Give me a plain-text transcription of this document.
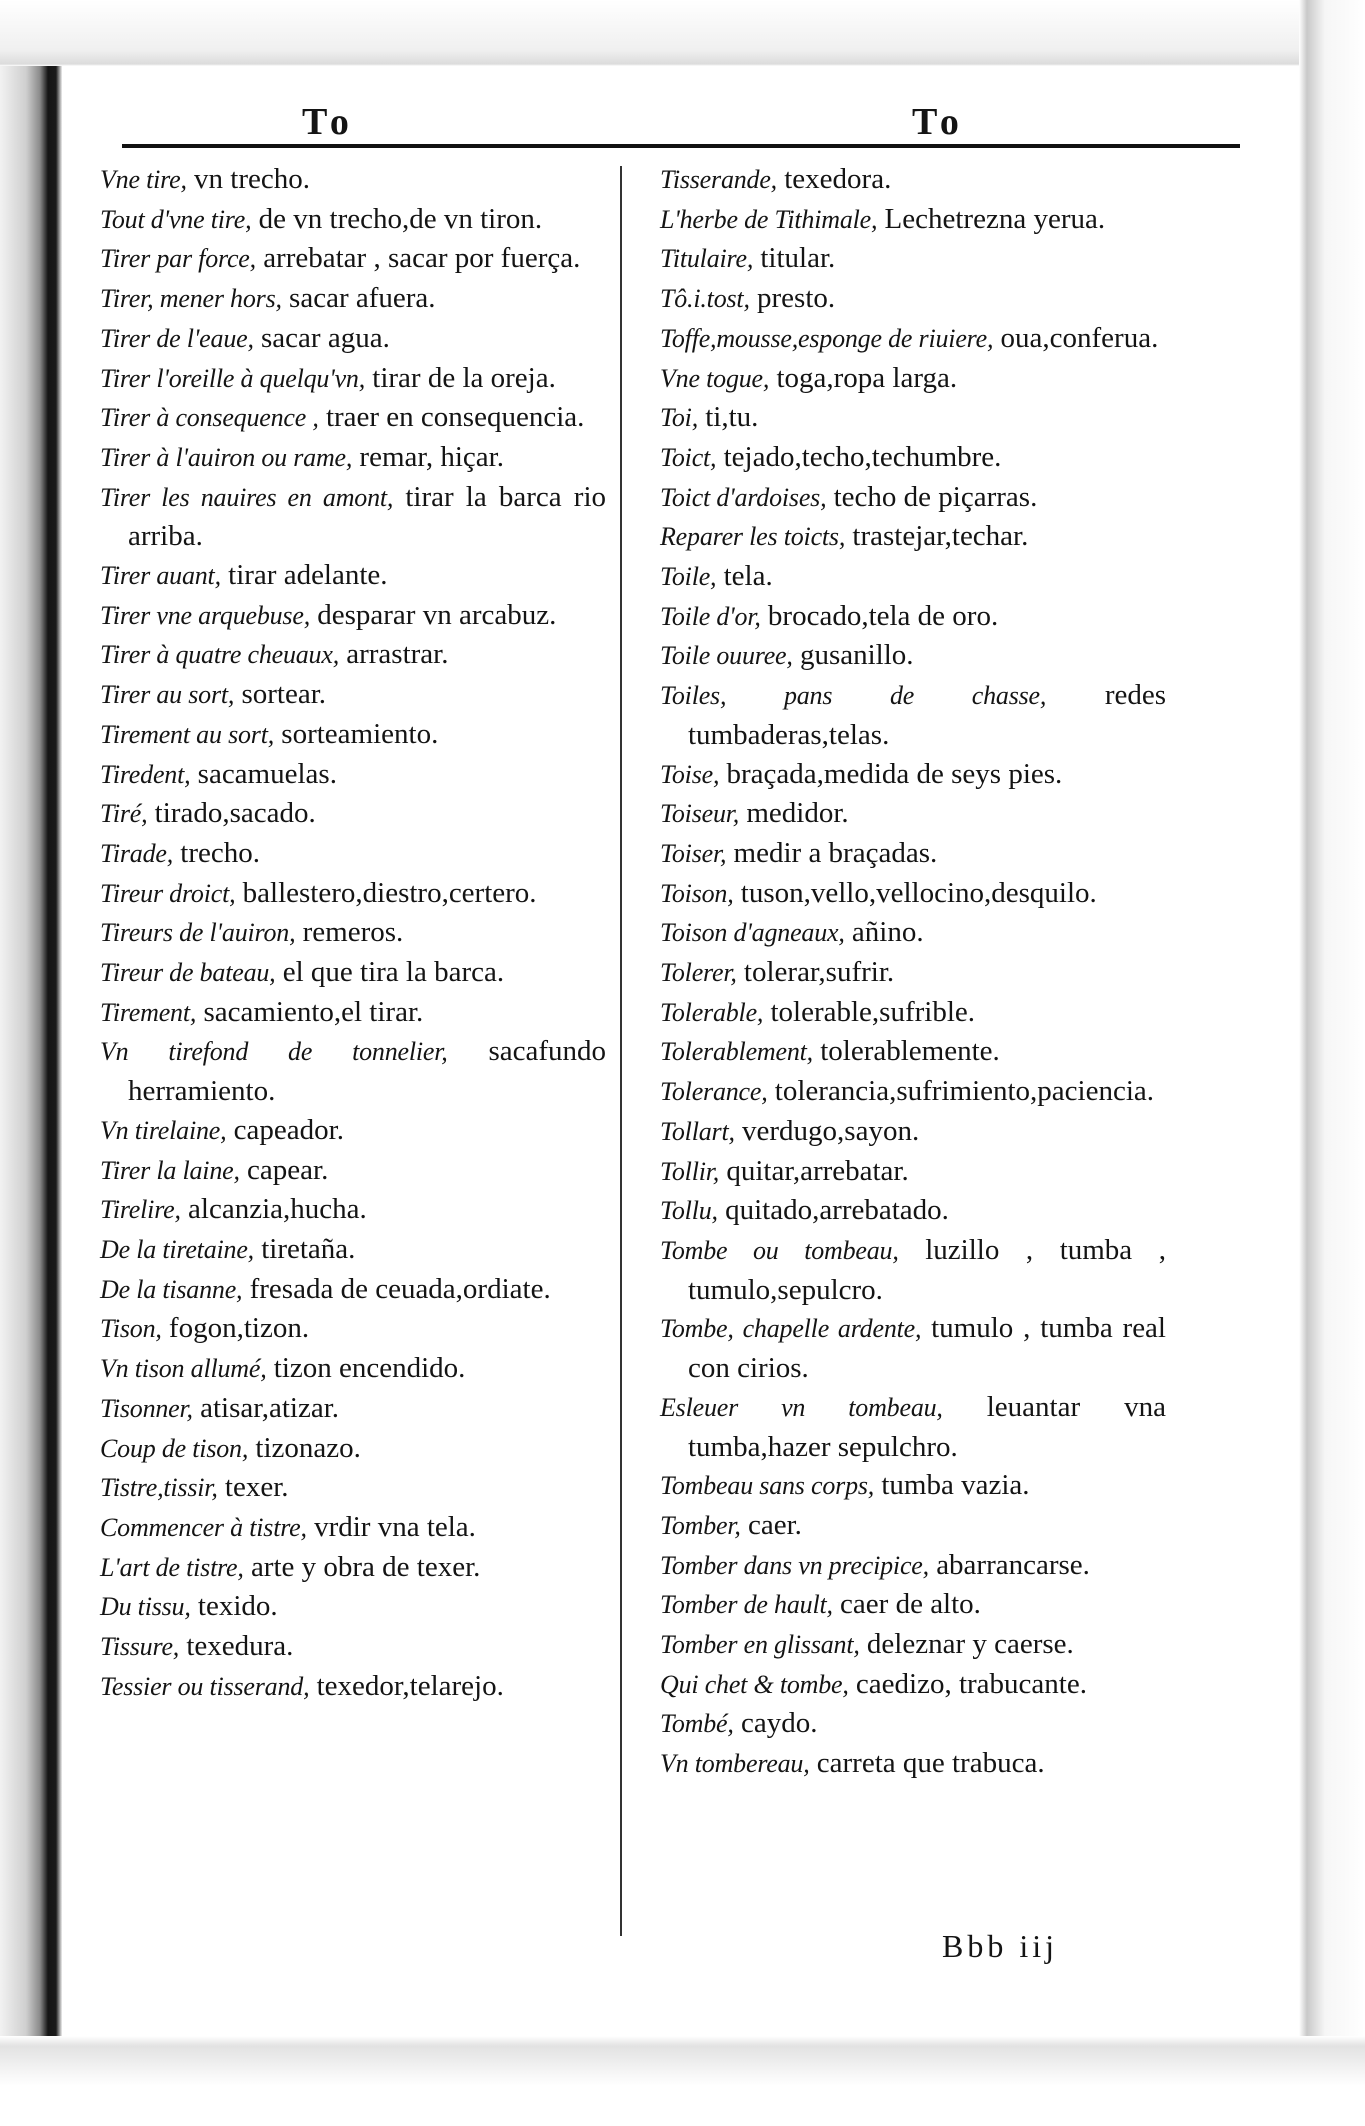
To	To
Vne tire, vn trecho.
Tout d'vne tire, de vn trecho,de vn tiron.
Tirer par force, arrebatar , sacar por fuerça.
Tirer, mener hors, sacar afuera.
Tirer de l'eaue, sacar agua.
Tirer l'oreille à quelqu'vn, tirar de la oreja.
Tirer à consequence , traer en consequencia.
Tirer à l'auiron ou rame, remar, hiçar.
Tirer les nauires en amont, tirar la barca rio arriba.
Tirer auant, tirar adelante.
Tirer vne arquebuse, desparar vn arcabuz.
Tirer à quatre cheuaux, arrastrar.
Tirer au sort, sortear.
Tirement au sort, sorteamiento.
Tiredent, sacamuelas.
Tiré, tirado,sacado.
Tirade, trecho.
Tireur droict, ballestero,diestro,certero.
Tireurs de l'auiron, remeros.
Tireur de bateau, el que tira la barca.
Tirement, sacamiento,el tirar.
Vn tirefond de tonnelier, sacafundo herramiento.
Vn tirelaine, capeador.
Tirer la laine, capear.
Tirelire, alcanzia,hucha.
De la tiretaine, tiretaña.
De la tisanne, fresada de ceuada,ordiate.
Tison, fogon,tizon.
Vn tison allumé, tizon encendido.
Tisonner, atisar,atizar.
Coup de tison, tizonazo.
Tistre,tissir, texer.
Commencer à tistre, vrdir vna tela.
L'art de tistre, arte y obra de texer.
Du tissu, texido.
Tissure, texedura.
Tessier ou tisserand, texedor,telarejo.
Tisserande, texedora.
L'herbe de Tithimale, Lechetrezna yerua.
Titulaire, titular.
Tô.i.tost, presto.
Toffe,mousse,esponge de riuiere, oua,conferua.
Vne togue, toga,ropa larga.
Toi, ti,tu.
Toict, tejado,techo,techumbre.
Toict d'ardoises, techo de piçarras.
Reparer les toicts, trastejar,techar.
Toile, tela.
Toile d'or, brocado,tela de oro.
Toile ouuree, gusanillo.
Toiles, pans de chasse, redes tumbaderas,telas.
Toise, braçada,medida de seys pies.
Toiseur, medidor.
Toiser, medir a braçadas.
Toison, tuson,vello,vellocino,desquilo.
Toison d'agneaux, añino.
Tolerer, tolerar,sufrir.
Tolerable, tolerable,sufrible.
Tolerablement, tolerablemente.
Tolerance, tolerancia,sufrimiento,paciencia.
Tollart, verdugo,sayon.
Tollir, quitar,arrebatar.
Tollu, quitado,arrebatado.
Tombe ou tombeau, luzillo , tumba , tumulo,sepulcro.
Tombe, chapelle ardente, tumulo , tumba real con cirios.
Esleuer vn tombeau, leuantar vna tumba,hazer sepulchro.
Tombeau sans corps, tumba vazia.
Tomber, caer.
Tomber dans vn precipice, abarrancarse.
Tomber de hault, caer de alto.
Tomber en glissant, deleznar y caerse.
Qui chet & tombe, caedizo, trabucante.
Tombé, caydo.
Vn tombereau, carreta que trabuca.
Bbb iij
